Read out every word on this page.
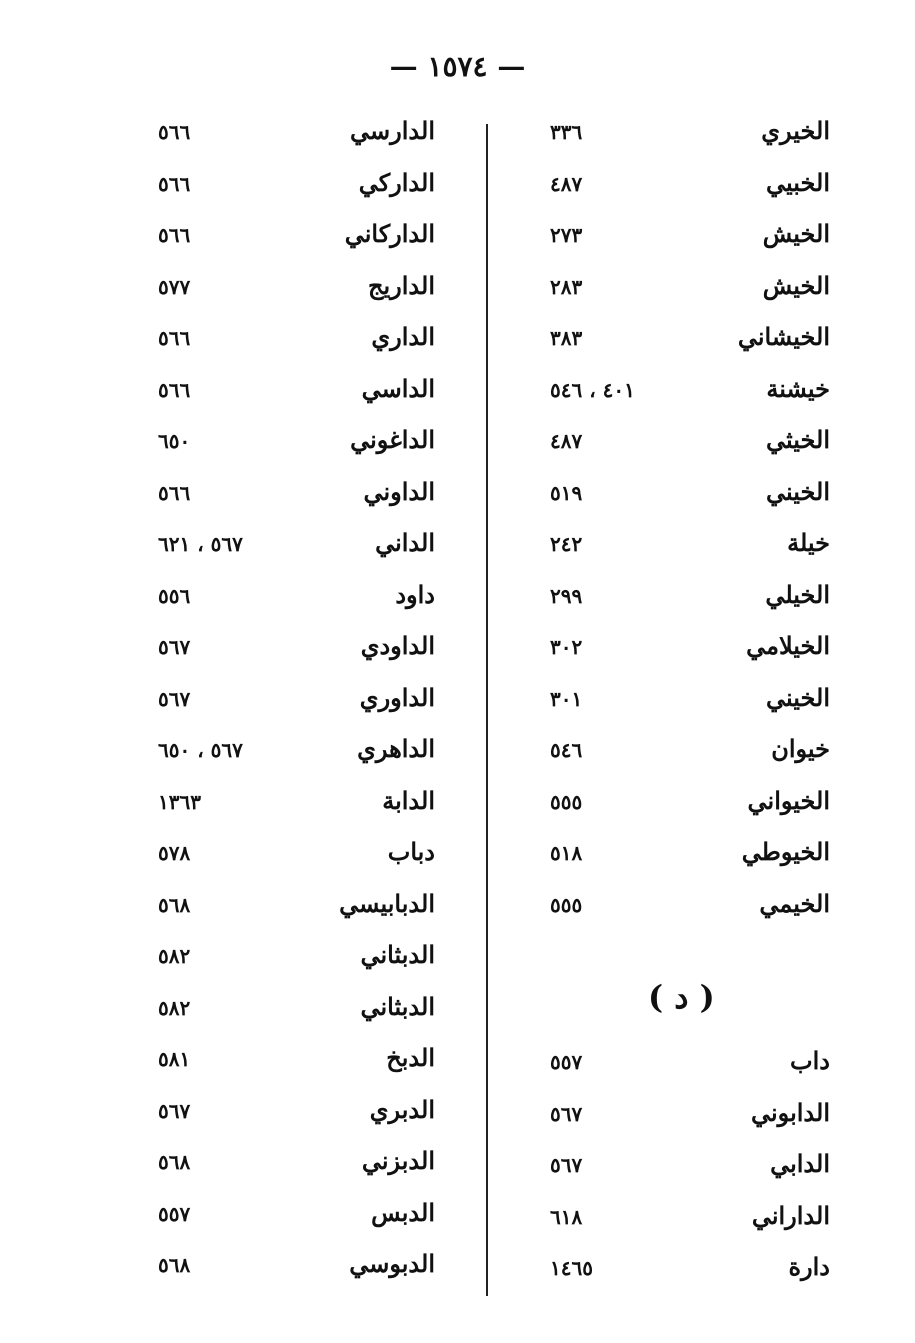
— ١٥٧٤ —
الخيري
٣٣٦
الخبيي
٤٨٧
الخيش
٢٧٣
الخيش
٢٨٣
الخيشاني
٣٨٣
خيشنة
٤٠١ ، ٥٤٦
الخيثي
٤٨٧
الخيني
٥١٩
خيلة
٢٤٢
الخيلي
٢٩٩
الخيلامي
٣٠٢
الخيني
٣٠١
خيوان
٥٤٦
الخيواني
٥٥٥
الخيوطي
٥١٨
الخيمي
٥٥٥
( د )
داب
٥٥٧
الدابوني
٥٦٧
الدابي
٥٦٧
الداراني
٦١٨
دارة
١٤٦٥
الدارسي
٥٦٦
الداركي
٥٦٦
الداركاني
٥٦٦
الداريج
٥٧٧
الداري
٥٦٦
الداسي
٥٦٦
الداغوني
٦٥٠
الداوني
٥٦٦
الداني
٥٦٧ ، ٦٢١
داود
٥٥٦
الداودي
٥٦٧
الداوري
٥٦٧
الداهري
٥٦٧ ، ٦٥٠
الدابة
١٣٦٣
دباب
٥٧٨
الدبابيسي
٥٦٨
الدبثاني
٥٨٢
الدبثاني
٥٨٢
الدبخ
٥٨١
الدبري
٥٦٧
الدبزني
٥٦٨
الدبس
٥٥٧
الدبوسي
٥٦٨
